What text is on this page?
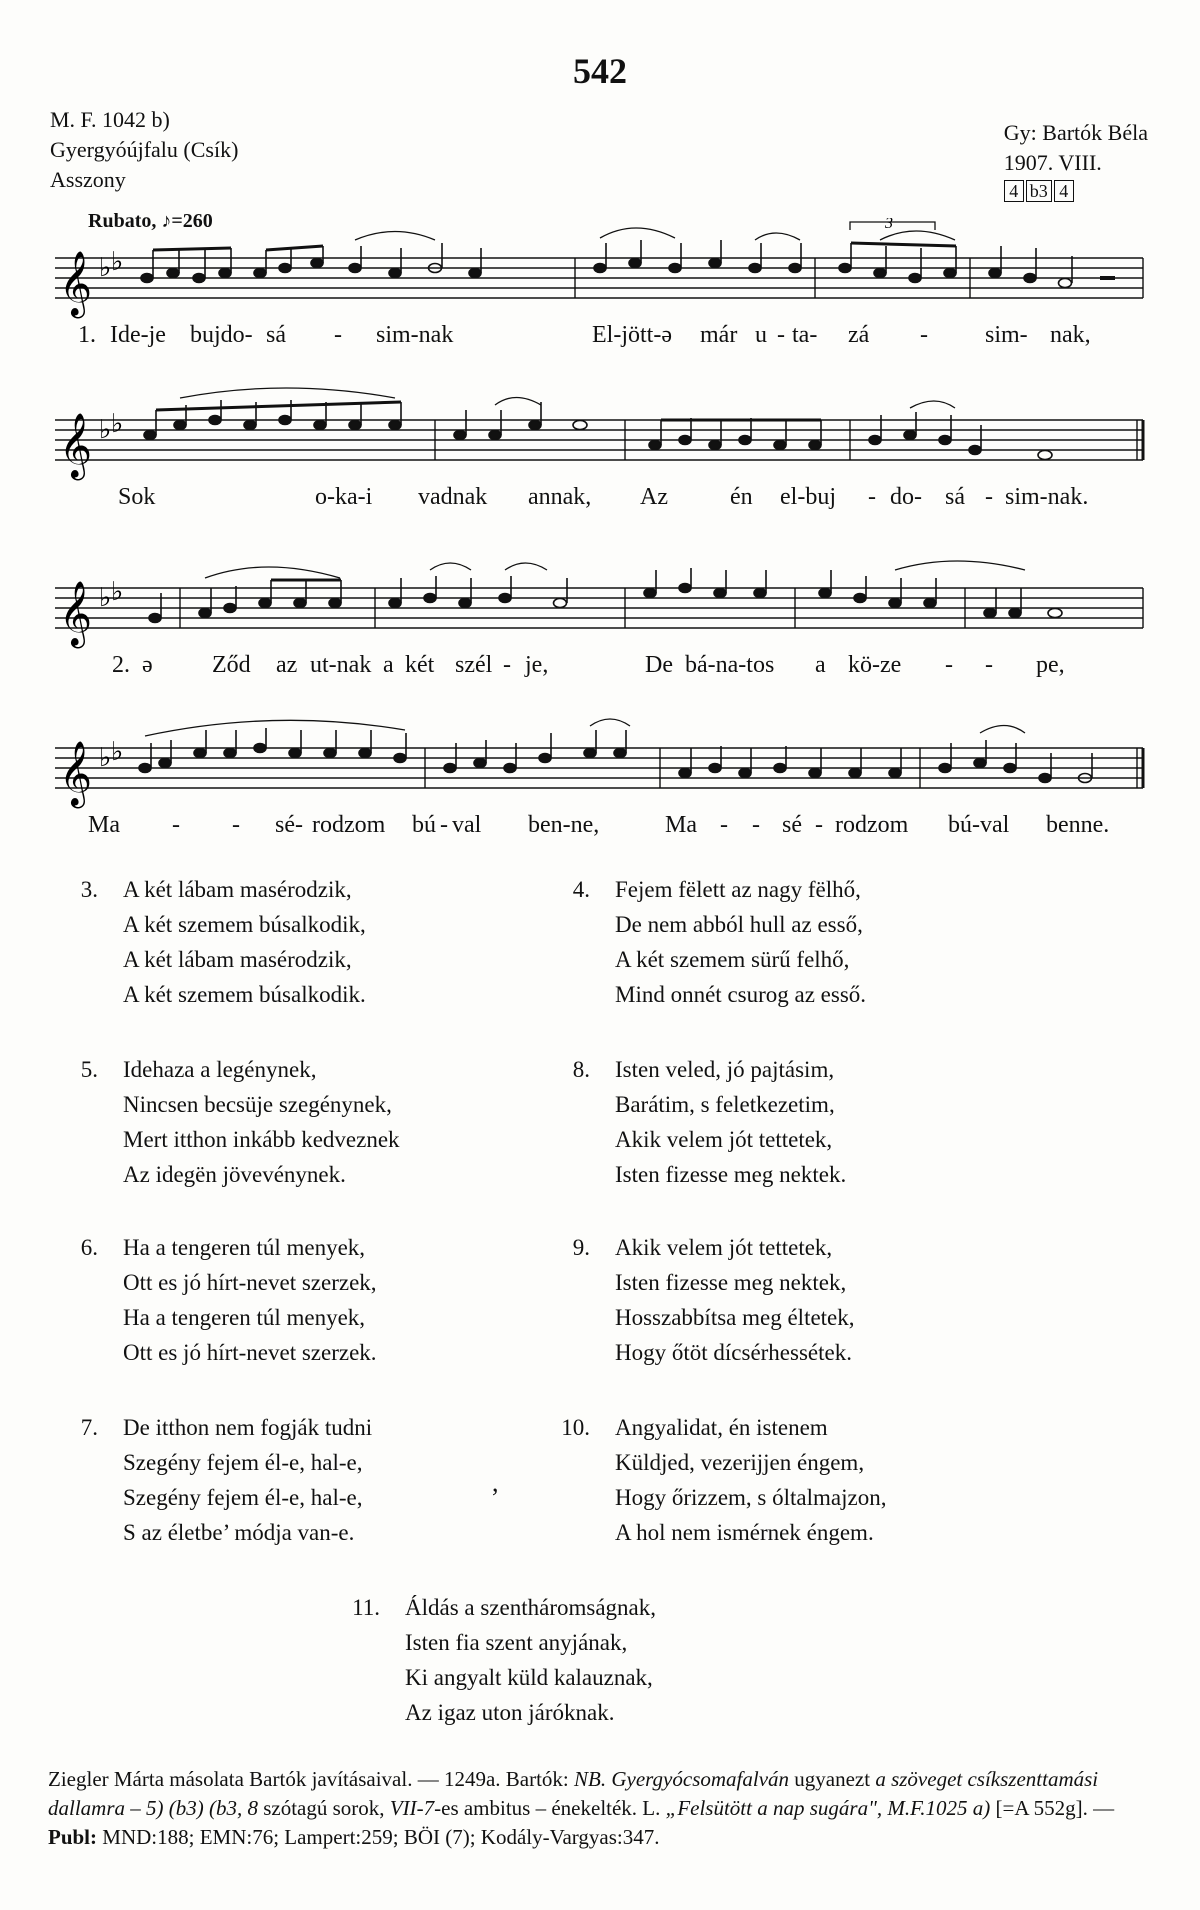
542
M. F. 1042 b)
Gyergyóújfalu (Csík)
Asszony
Gy: Bartók Béla
1907. VIII.
4 b3 4
Rubato, ♪=260
𝄞 ♭ ♭
3
1. Ide-je bujdo- sá - sim-nak	El-jött-ə már u - ta- zá - sim- nak,
𝄞 ♭ ♭
Sok	o-ka-i vadnak annak, Az	én el-buj - do- sá - sim-nak.
𝄞 ♭ ♭
2. ə Ződ az ut-nak a két szél - je,	De bá-na-tos a kö-ze - - pe,
𝄞 ♭ ♭
Ma - - sé- rodzom bú - val ben-ne,	Ma - - sé - rodzom bú-val benne.
3. A két lábam masérodzik,
A két szemem búsalkodik,
A két lábam masérodzik,
A két szemem búsalkodik.
4. Fejem fëlett az nagy fëlhő,
De nem abból hull az esső,
A két szemem sürű felhő,
Mind onnét csurog az esső.
5. Idehaza a legénynek,
Nincsen becsüje szegénynek,
Mert itthon inkább kedveznek
Az idegën jövevénynek.
8. Isten veled, jó pajtásim,
Barátim, s feletkezetim,
Akik velem jót tettetek,
Isten fizesse meg nektek.
6. Ha a tengeren túl menyek,
Ott es jó hírt-nevet szerzek,
Ha a tengeren túl menyek,
Ott es jó hírt-nevet szerzek.
9. Akik velem jót tettetek,
Isten fizesse meg nektek,
Hosszabbítsa meg éltetek,
Hogy őtöt dícsérhessétek.
7. De itthon nem fogják tudni
Szegény fejem él-e, hal-e,
Szegény fejem él-e, hal-e,
S az életbe’ módja van-e.
10. Angyalidat, én istenem
Küldjed, vezerijjen éngem,
Hogy őrizzem, s óltalmajzon,
A hol nem ismérnek éngem.
11. Áldás a szentháromságnak,
Isten fia szent anyjának,
Ki angyalt küld kalauznak,
Az igaz uton járóknak.
,
Ziegler Márta másolata Bartók javításaival. — 1249a. Bartók: NB. Gyergyócsomafalván ugyanezt a szöveget csíkszenttamási dallamra – 5) (b3) (b3, 8 szótagú sorok, VII-7-es ambitus – énekelték. L. „Felsütött a nap sugára", M.F.1025 a) [=A 552g]. — Publ: MND:188; EMN:76; Lampert:259; BÖI (7); Kodály-Vargyas:347.
